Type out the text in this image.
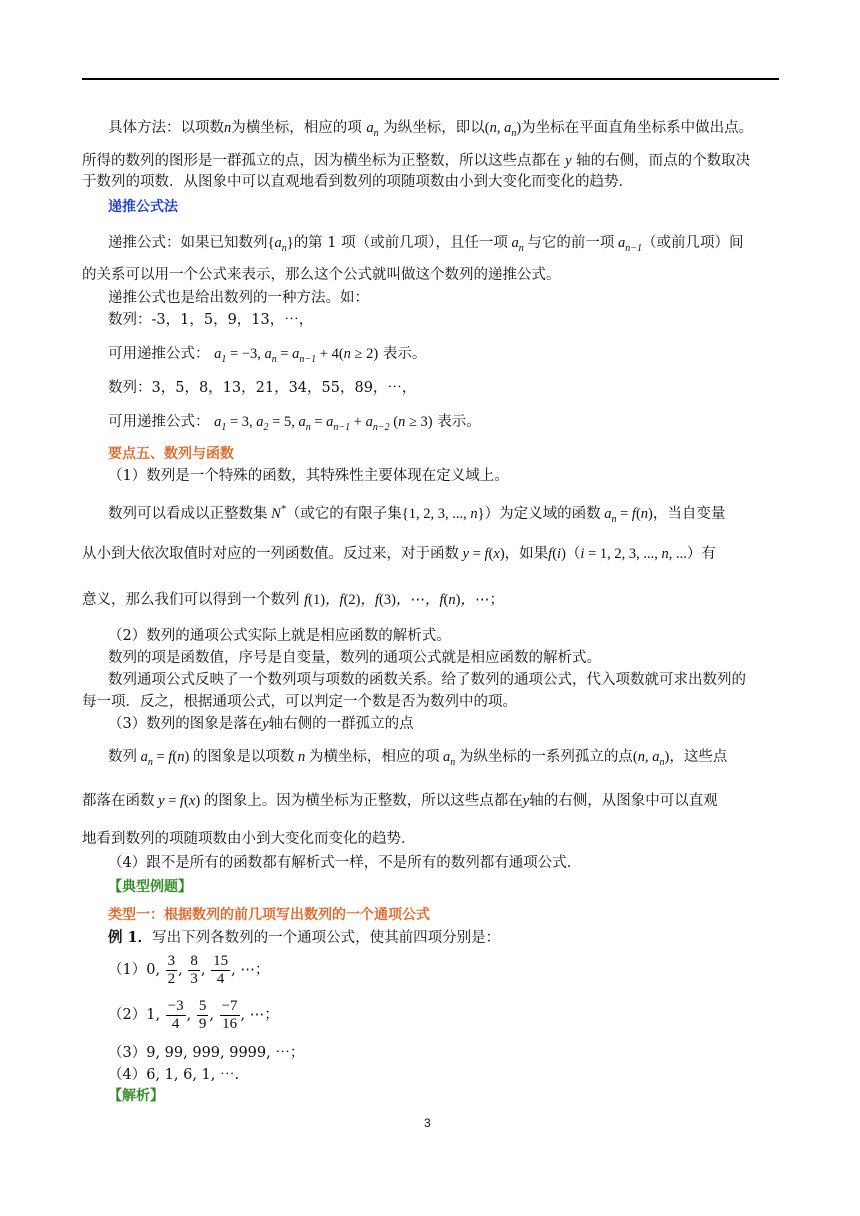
具体方法：以项数n为横坐标，相应的项 $a_n$ 为纵坐标，即以(n, $a_n$)为坐标在平面直角坐标系中做出点。
所得的数列的图形是一群孤立的点，因为横坐标为正整数，所以这些点都在 y 轴的右侧，而点的个数取决
于数列的项数．从图象中可以直观地看到数列的项随项数由小到大变化而变化的趋势．
递推公式法
递推公式：如果已知数列$\{a_n\}$的第 1 项（或前几项），且任一项 $a_n$ 与它的前一项 $a_{n-1}$（或前几项）间
的关系可以用一个公式来表示，那么这个公式就叫做这个数列的递推公式。
递推公式也是给出数列的一种方法。如：
数列：-3，1，5，9，13，⋯，
可用递推公式： $a_1 = -3$, $a_n = a_{n-1} + 4(n \ge 2)$ 表示。
数列：3，5，8，13，21，34，55，89，⋯，
可用递推公式： $a_1 = 3$, $a_2 = 5$, $a_n = a_{n-1} + a_{n-2}$ (n ≥ 3) 表示。
要点五、数列与函数
（1）数列是一个特殊的函数，其特殊性主要体现在定义域上。
数列可以看成以正整数集 N*（或它的有限子集{1, 2, 3, ..., n}）为定义域的函数 $a_n = f(n)$，当自变量
从小到大依次取值时对应的一列函数值。反过来，对于函数 y = f(x)，如果f(i)（i = 1, 2, 3, ..., n, ...）有
意义，那么我们可以得到一个数列 f(1)，f(2)，f(3)，⋯，f(n)，⋯；
（2）数列的通项公式实际上就是相应函数的解析式。
数列的项是函数值，序号是自变量，数列的通项公式就是相应函数的解析式。
数列通项公式反映了一个数列项与项数的函数关系。给了数列的通项公式，代入项数就可求出数列的
每一项．反之，根据通项公式，可以判定一个数是否为数列中的项。
（3）数列的图象是落在y轴右侧的一群孤立的点
数列 $a_n = f(n)$ 的图象是以项数 n 为横坐标，相应的项 $a_n$ 为纵坐标的一系列孤立的点(n, $a_n$)，这些点
都落在函数 y = f(x) 的图象上。因为横坐标为正整数，所以这些点都在y轴的右侧，从图象中可以直观
地看到数列的项随项数由小到大变化而变化的趋势．
（4）跟不是所有的函数都有解析式一样，不是所有的数列都有通项公式．
【典型例题】
类型一：根据数列的前几项写出数列的一个通项公式
例 1．写出下列各数列的一个通项公式，使其前四项分别是：
（1）0, $\frac{3}{2}$ , $\frac{8}{3}$ , $\frac{15}{4}$ , ⋯；
（2）1, $\frac{-3}{4}$ , $\frac{5}{9}$ , $\frac{-7}{16}$ , ⋯；
（3）9, 99, 999, 9999, ⋯；
（4）6, 1, 6, 1, ⋯.
【解析】
3
